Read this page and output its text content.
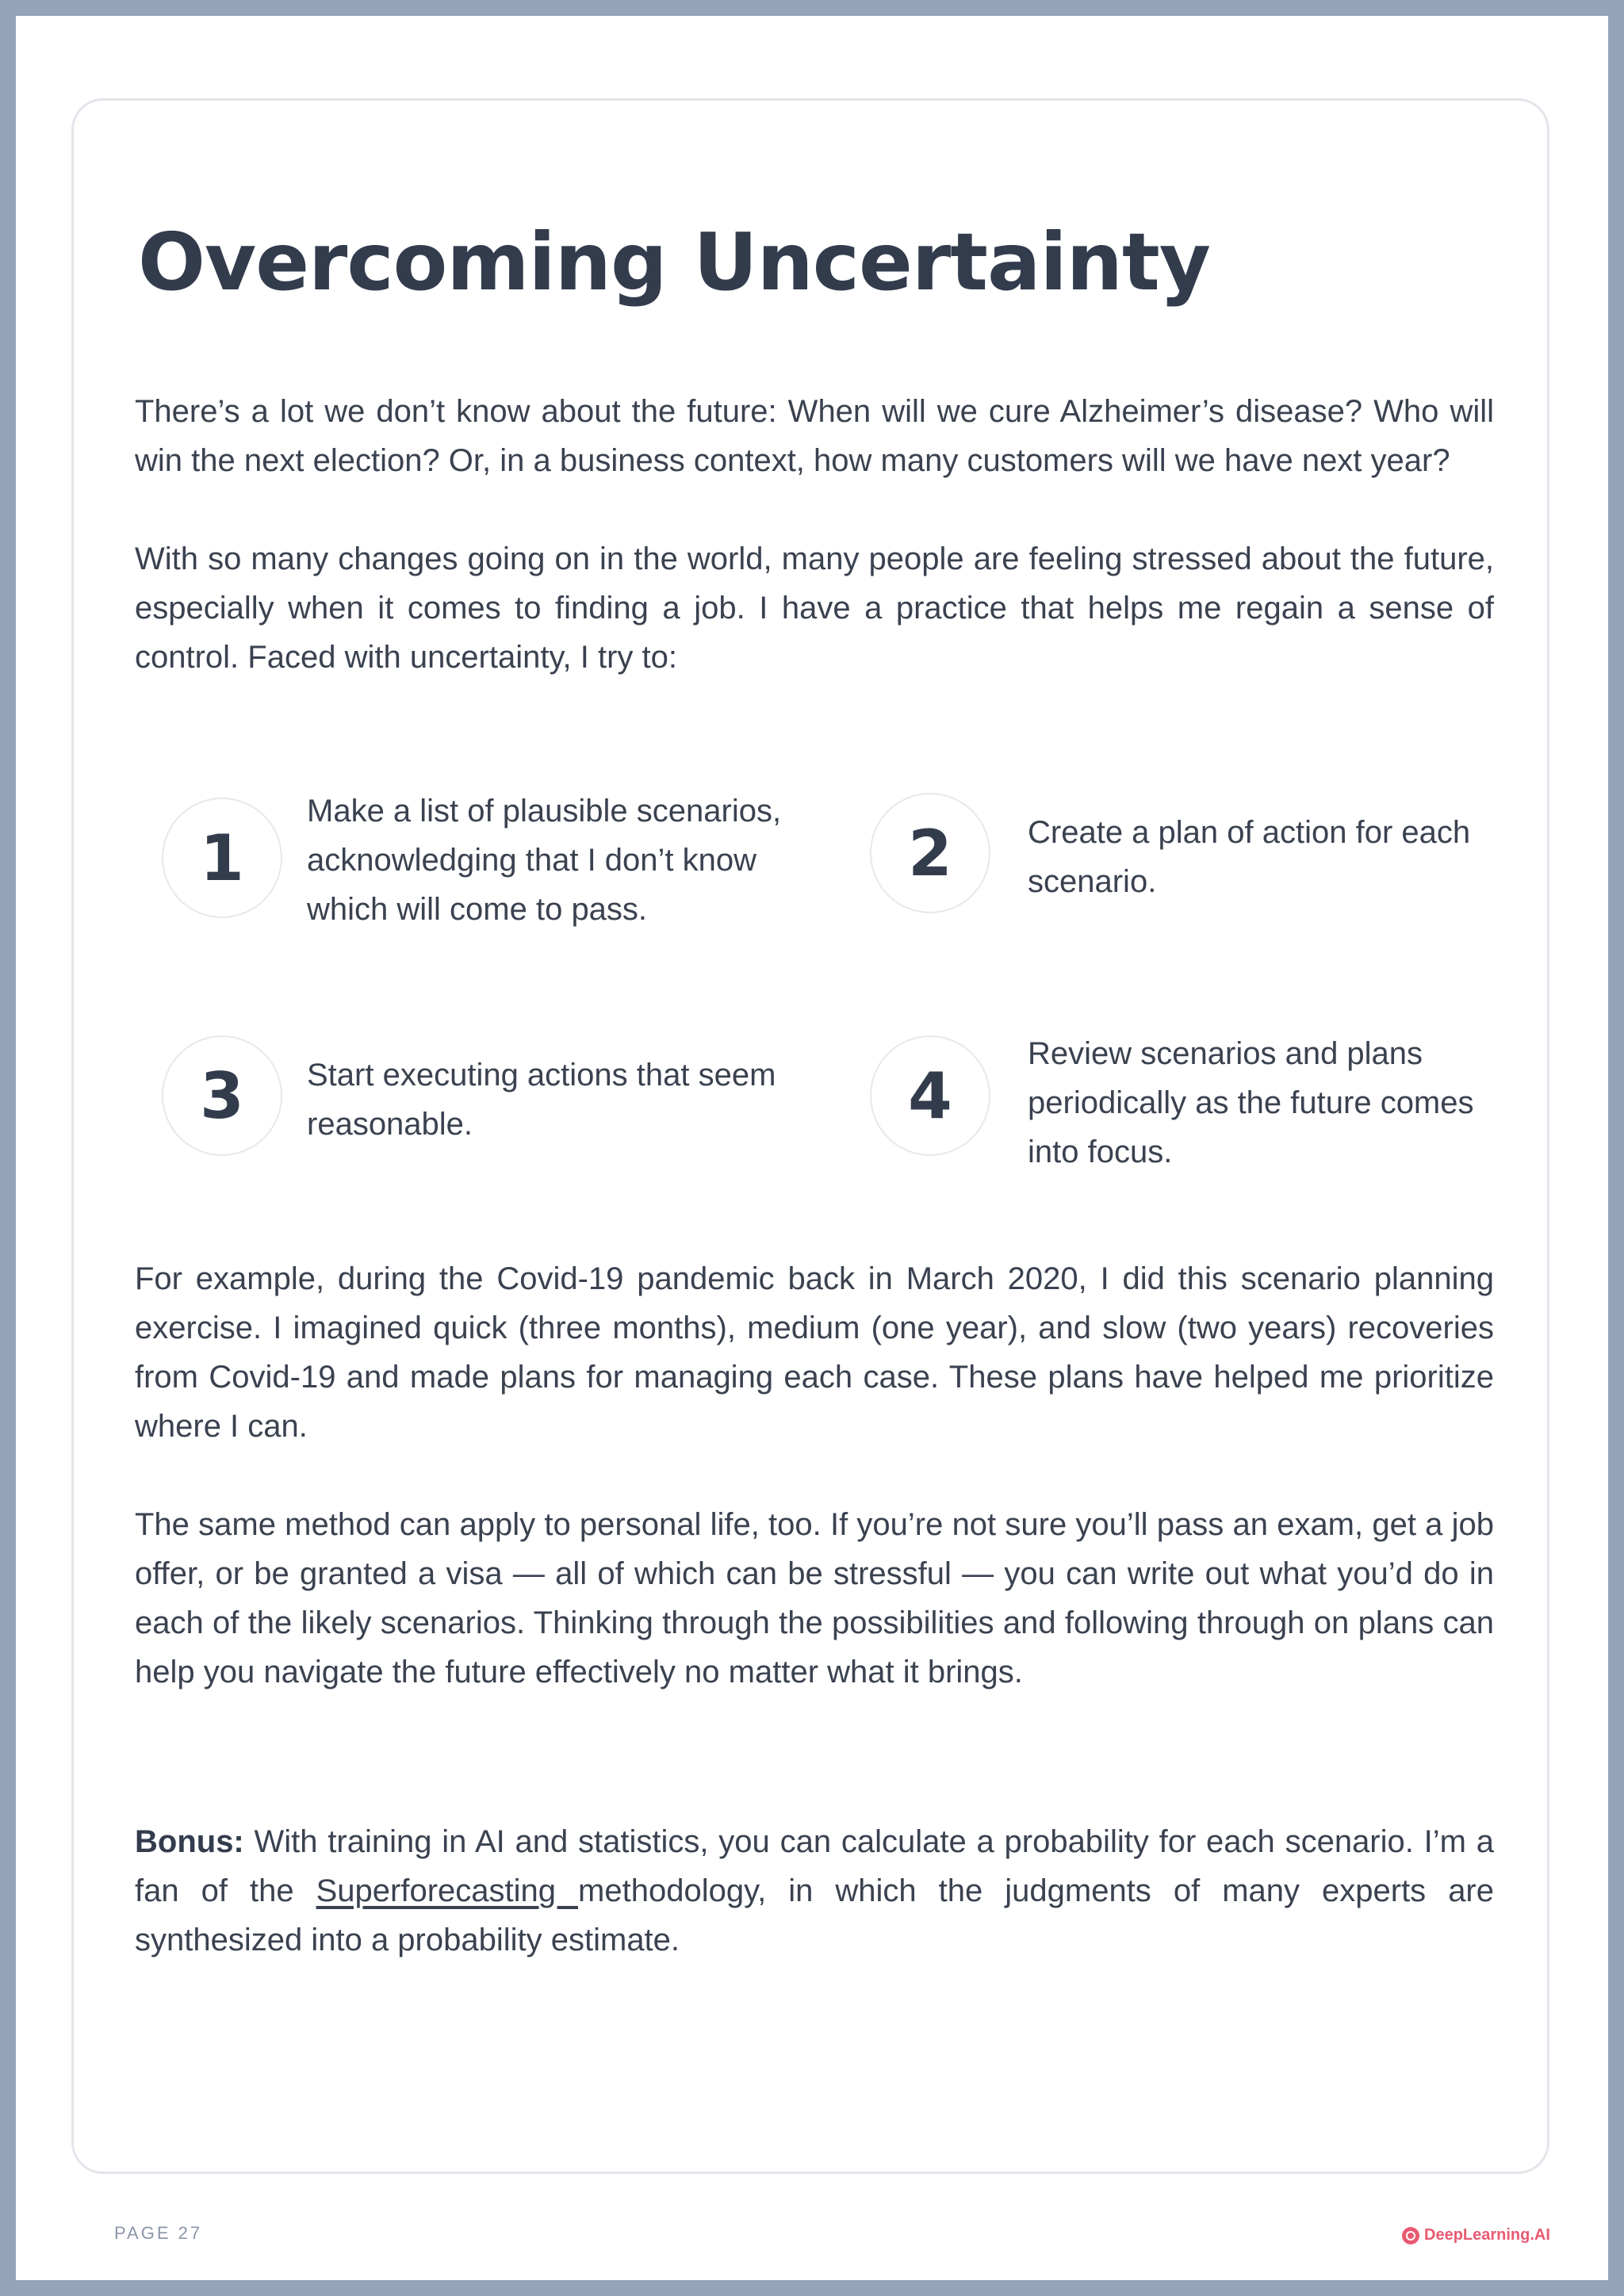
Overcoming Uncertainty

There’s a lot we don’t know about the future: When will we cure Alzheimer’s disease? Who will win the next election? Or, in a business context, how many customers will we have next year?

With so many changes going on in the world, many people are feeling stressed about the future, especially when it comes to finding a job. I have a practice that helps me regain a sense of control. Faced with uncertainty, I try to:

1

Make a list of plausible scenarios, acknowledging that I don’t know which will come to pass.

2	Create a plan of action for each scenario.

3	Start executing actions that seem reasonable.	4

Review scenarios and plans periodically as the future comes into focus.

For example, during the Covid-19 pandemic back in March 2020, I did this scenario planning exercise. I imagined quick (three months), medium (one year), and slow (two years) recoveries from Covid-19 and made plans for managing each case. These plans have helped me prioritize where I can.

The same method can apply to personal life, too. If you’re not sure you’ll pass an exam, get a job offer, or be granted a visa — all of which can be stressful — you can write out what you’d do in each of the likely scenarios. Thinking through the possibilities and following through on plans can help you navigate the future effectively no matter what it brings.

Bonus: With training in AI and statistics, you can calculate a probability for each scenario. I’m a fan of the Superforecasting methodology, in which the judgments of many experts are synthesized into a probability estimate.

PAGE 27	DeepLearning.AI
